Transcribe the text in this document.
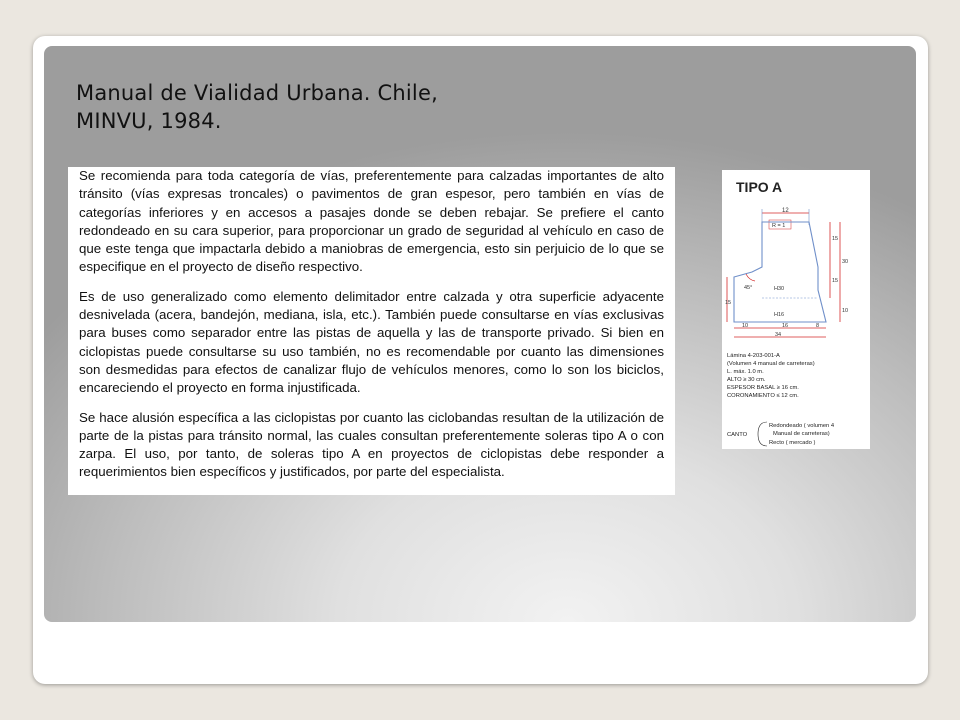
Manual de Vialidad Urbana. Chile,
MINVU, 1984.

Se recomienda para toda categoría de vías, preferentemente para calzadas importantes de alto tránsito (vías expresas troncales) o pavimentos de gran espesor, pero también en vías de categorías inferiores y en accesos a pasajes donde se deben rebajar. Se prefiere el canto redondeado en su cara superior, para proporcionar un grado de seguridad al vehículo en caso de que este tenga que impactarla debido a maniobras de emergencia, esto sin perjuicio de lo que se especifique en el proyecto de diseño respectivo.

Es de uso generalizado como elemento delimitador entre calzada y otra superficie adyacente desnivelada (acera, bandejón, mediana, isla, etc.). También puede consultarse en vías exclusivas para buses como separador entre las pistas de aquella y las de transporte privado. Si bien en ciclopistas puede consultarse su uso también, no es recomendable por cuanto las dimensiones son desmedidas para efectos de canalizar flujo de vehículos menores, como lo son los biciclos, encareciendo el proyecto en forma injustificada.

Se hace alusión específica a las ciclopistas por cuanto las ciclobandas resultan de la utilización de parte de la pistas para tránsito normal, las cuales consultan preferentemente soleras tipo A o con zarpa. El uso, por tanto, de soleras tipo A en proyectos de ciclopistas debe responder a requerimientos bien específicos y justificados, por parte del especialista.

TIPO A
12
R = 1
45°	H30
H16
15
15
30
10
15
10	16	8
34
Lámina 4-203-001-A
(Volumen 4 manual de carreteras)
L. máx. 1.0 m.
ALTO ≥ 30 cm.
ESPESOR BASAL ≥ 16 cm.
CORONAMIENTO ≤ 12 cm.
CANTO
Redondeado ( volumen 4
Manual de carreteras)
Recto ( mercado )
